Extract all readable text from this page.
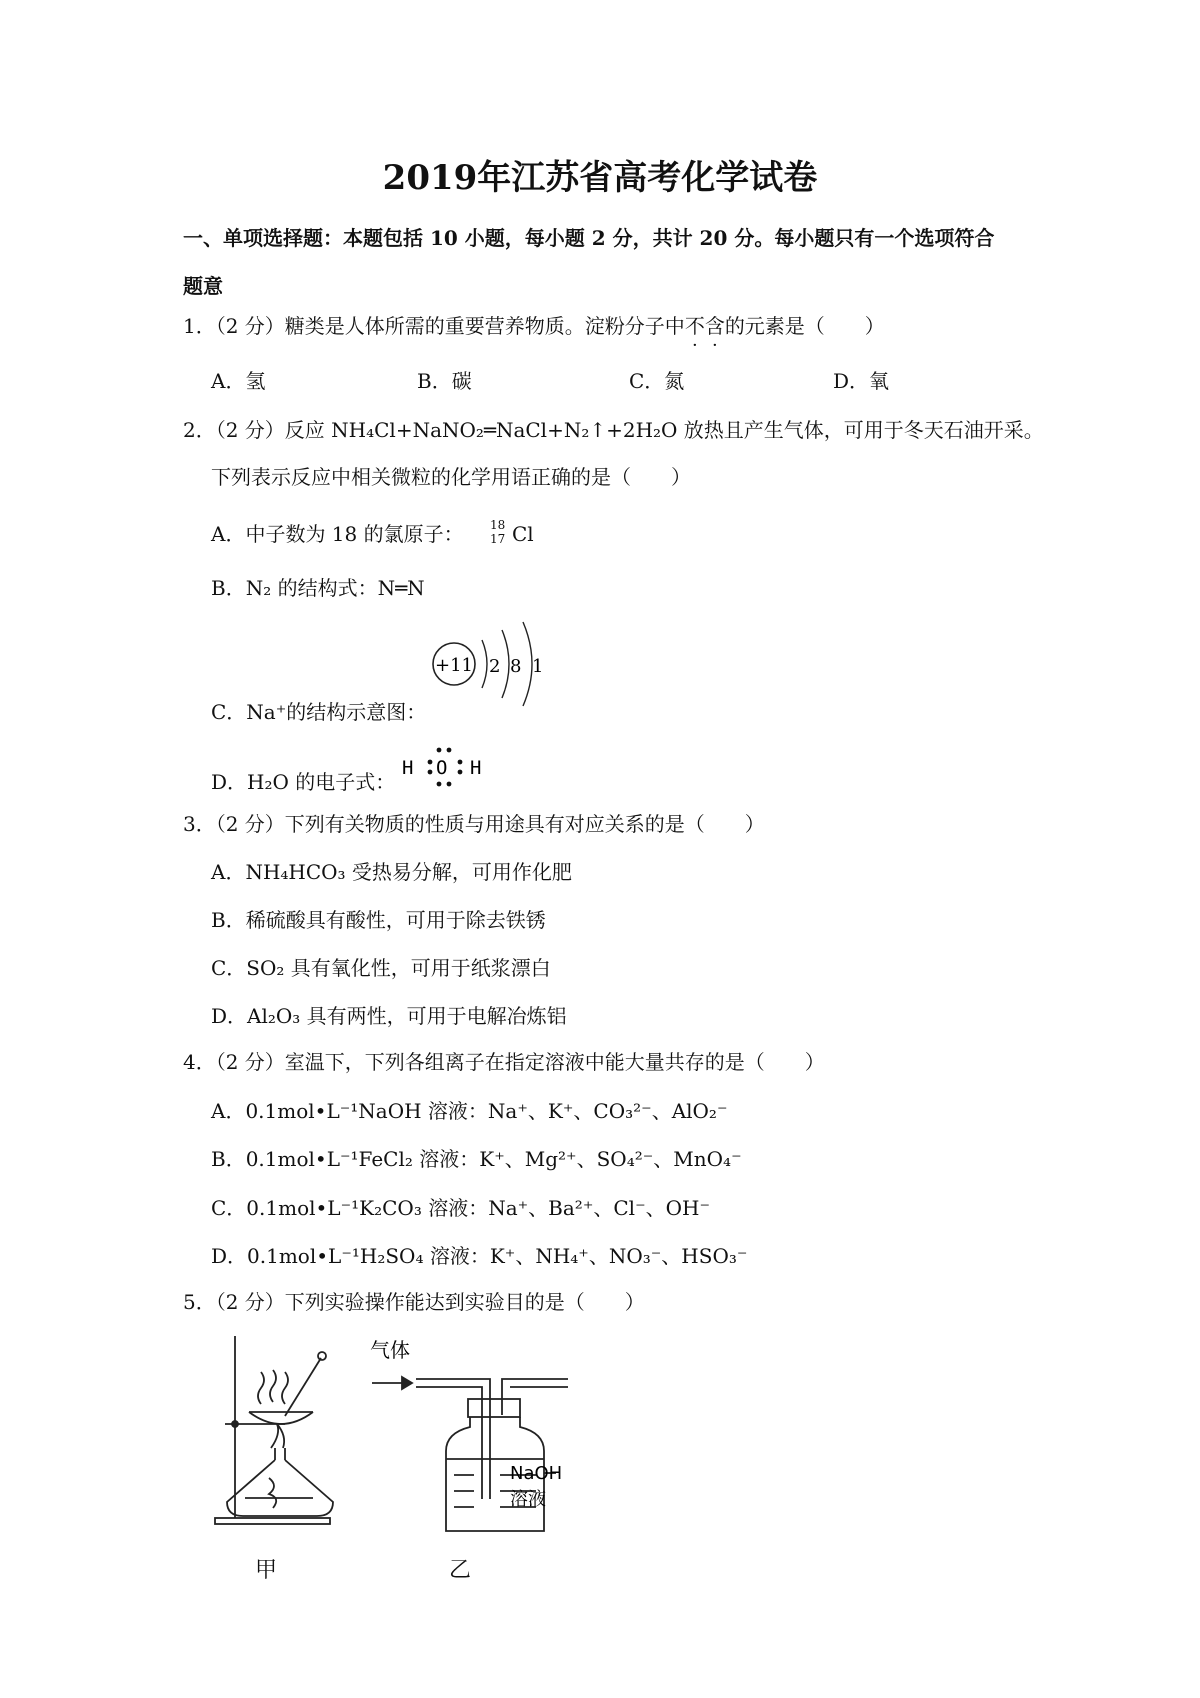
2019年江苏省高考化学试卷
一、单项选择题：本题包括 10 小题，每小题 2 分，共计 20 分。每小题只有一个选项符合
题意
1．（2 分）糖类是人体所需的重要营养物质。淀粉分子中不含的元素是（　　）
A．氢	B．碳	C．氮	D．氧
2．（2 分）反应 NH₄Cl+NaNO₂═NaCl+N₂↑+2H₂O 放热且产生气体，可用于冬天石油开采。
下列表示反应中相关微粒的化学用语正确的是（　　）
A．中子数为 18 的氯原子： 18
17 Cl
B．N₂ 的结构式：N═N
+11 2 8 1
C．Na⁺的结构示意图：
H O H
D．H₂O 的电子式：
3．（2 分）下列有关物质的性质与用途具有对应关系的是（　　）
A．NH₄HCO₃ 受热易分解，可用作化肥
B．稀硫酸具有酸性，可用于除去铁锈
C．SO₂ 具有氧化性，可用于纸浆漂白
D．Al₂O₃ 具有两性，可用于电解冶炼铝
4．（2 分）室温下，下列各组离子在指定溶液中能大量共存的是（　　）
A．0.1mol•L⁻¹NaOH 溶液：Na⁺、K⁺、CO₃²⁻、AlO₂⁻
B．0.1mol•L⁻¹FeCl₂ 溶液：K⁺、Mg²⁺、SO₄²⁻、MnO₄⁻
C．0.1mol•L⁻¹K₂CO₃ 溶液：Na⁺、Ba²⁺、Cl⁻、OH⁻
D．0.1mol•L⁻¹H₂SO₄ 溶液：K⁺、NH₄⁺、NO₃⁻、HSO₃⁻
5．（2 分）下列实验操作能达到实验目的是（　　）
甲
气体
NaOH
溶液
乙
